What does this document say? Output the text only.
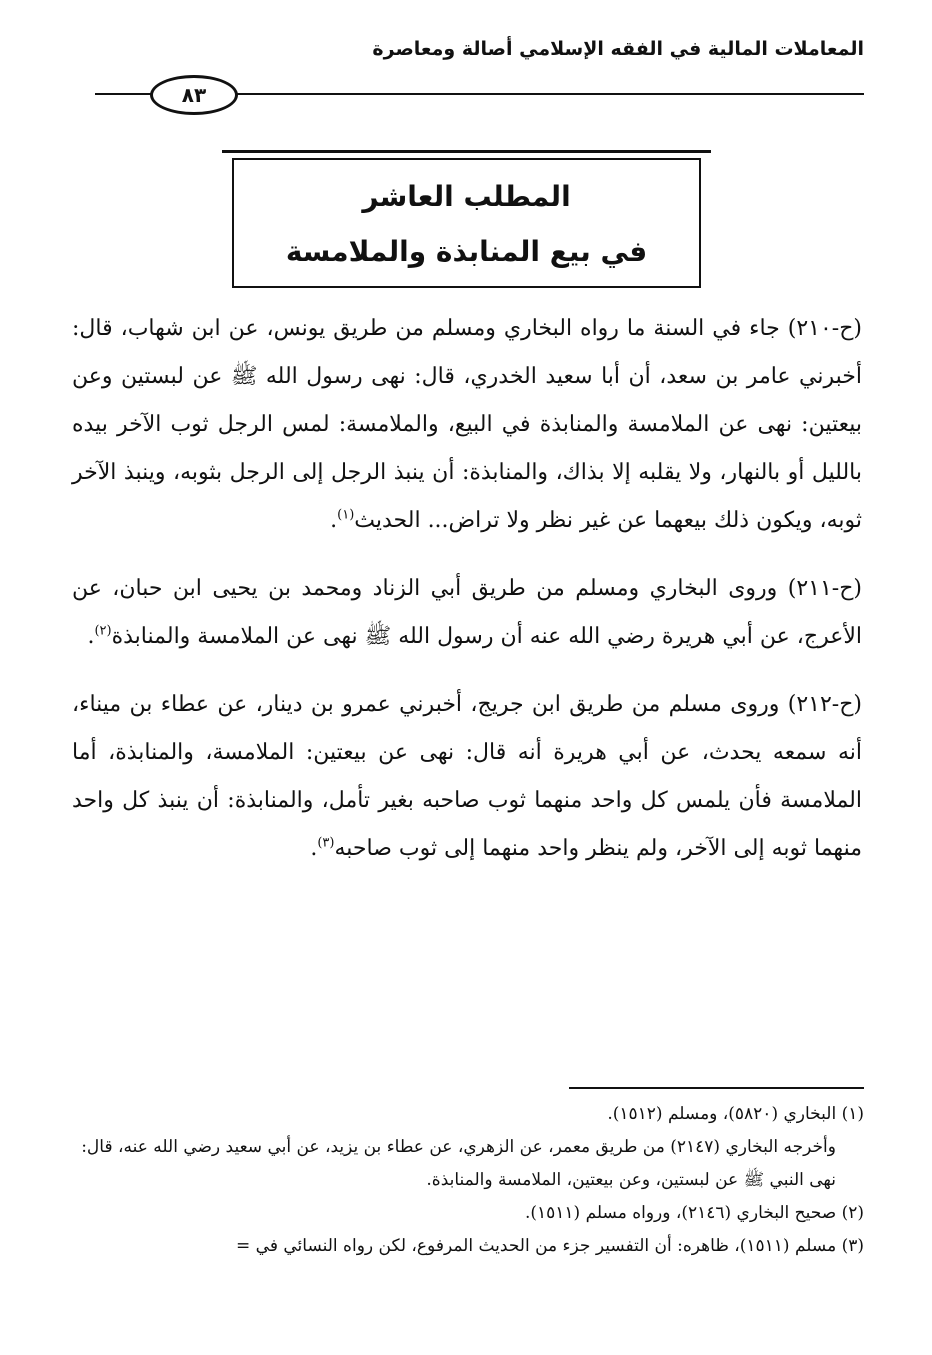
المعاملات المالية في الفقه الإسلامي أصالة ومعاصرة
٨٣
المطلب العاشر
في بيع المنابذة والملامسة

(ح-٢١٠) جاء في السنة ما رواه البخاري ومسلم من طريق يونس، عن ابن شهاب، قال: أخبرني عامر بن سعد، أن أبا سعيد الخدري، قال: نهى رسول الله ﷺ عن لبستين وعن بيعتين: نهى عن الملامسة والمنابذة في البيع، والملامسة: لمس الرجل ثوب الآخر بيده بالليل أو بالنهار، ولا يقلبه إلا بذاك، والمنابذة: أن ينبذ الرجل إلى الرجل بثوبه، وينبذ الآخر ثوبه، ويكون ذلك بيعهما عن غير نظر ولا تراض... الحديث$^{(١)}$.

(ح-٢١١) وروى البخاري ومسلم من طريق أبي الزناد ومحمد بن يحيى ابن حبان، عن الأعرج، عن أبي هريرة رضي الله عنه أن رسول الله ﷺ نهى عن الملامسة والمنابذة$^{(٢)}$.

(ح-٢١٢) وروى مسلم من طريق ابن جريج، أخبرني عمرو بن دينار، عن عطاء بن ميناء، أنه سمعه يحدث، عن أبي هريرة أنه قال: نهى عن بيعتين: الملامسة، والمنابذة، أما الملامسة فأن يلمس كل واحد منهما ثوب صاحبه بغير تأمل، والمنابذة: أن ينبذ كل واحد منهما ثوبه إلى الآخر، ولم ينظر واحد منهما إلى ثوب صاحبه$^{(٣)}$.

(١) البخاري (٥٨٢٠)، ومسلم (١٥١٢).

وأخرجه البخاري (٢١٤٧) من طريق معمر، عن الزهري، عن عطاء بن يزيد، عن أبي سعيد رضي الله عنه، قال: نهى النبي ﷺ عن لبستين، وعن بيعتين، الملامسة والمنابذة.

(٢) صحيح البخاري (٢١٤٦)، ورواه مسلم (١٥١١).

(٣) مسلم (١٥١١)، ظاهره: أن التفسير جزء من الحديث المرفوع، لكن رواه النسائي في =
